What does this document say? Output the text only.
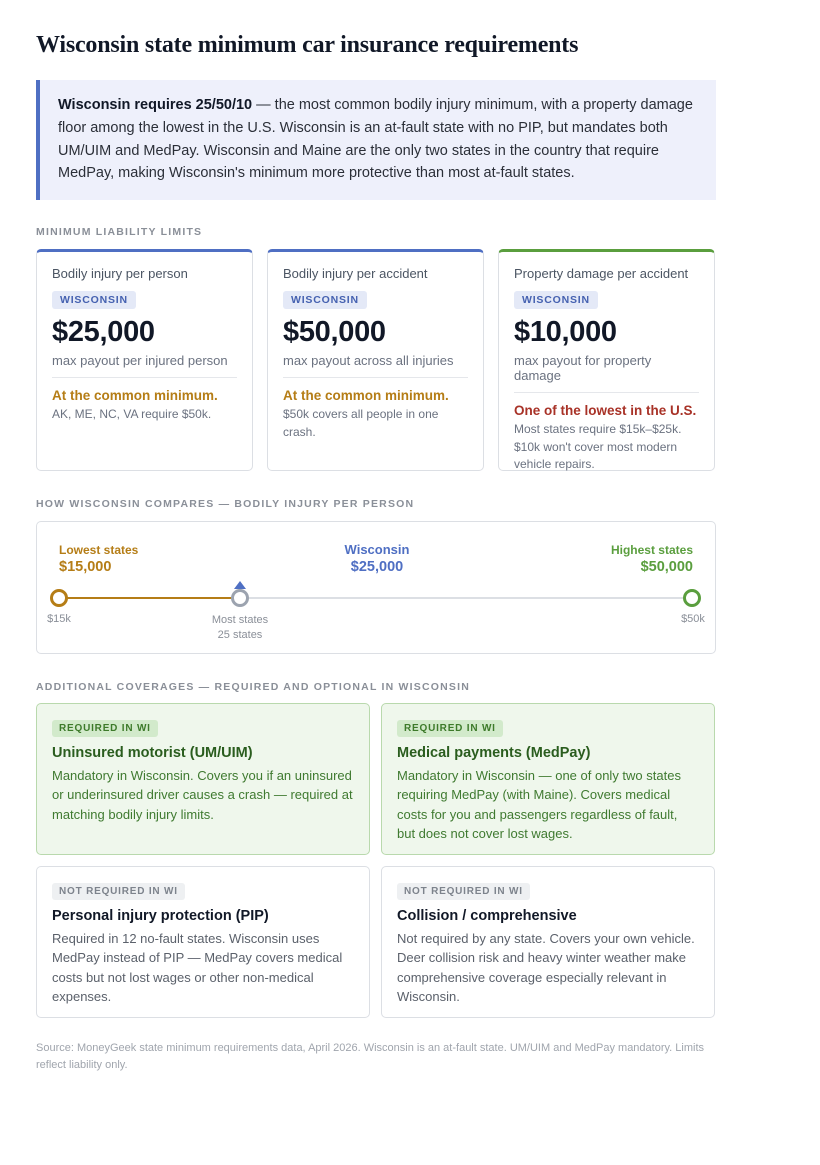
Wisconsin state minimum car insurance requirements
Wisconsin requires 25/50/10 — the most common bodily injury minimum, with a property damage floor among the lowest in the U.S. Wisconsin is an at-fault state with no PIP, but mandates both UM/UIM and MedPay. Wisconsin and Maine are the only two states in the country that require MedPay, making Wisconsin's minimum more protective than most at-fault states.
MINIMUM LIABILITY LIMITS
Bodily injury per person
WISCONSIN
$25,000
max payout per injured person
At the common minimum.
AK, ME, NC, VA require $50k.
Bodily injury per accident
WISCONSIN
$50,000
max payout across all injuries
At the common minimum.
$50k covers all people in one crash.
Property damage per accident
WISCONSIN
$10,000
max payout for property damage
One of the lowest in the U.S.
Most states require $15k–$25k. $10k won't cover most modern vehicle repairs.
HOW WISCONSIN COMPARES — BODILY INJURY PER PERSON
Lowest states
$15,000
Wisconsin
$25,000
Highest states
$50,000
$15k	Most states
25 states
$50k
ADDITIONAL COVERAGES — REQUIRED AND OPTIONAL IN WISCONSIN
REQUIRED IN WI
Uninsured motorist (UM/UIM)
Mandatory in Wisconsin. Covers you if an uninsured or underinsured driver causes a crash — required at matching bodily injury limits.
REQUIRED IN WI
Medical payments (MedPay)
Mandatory in Wisconsin — one of only two states requiring MedPay (with Maine). Covers medical costs for you and passengers regardless of fault, but does not cover lost wages.
NOT REQUIRED IN WI
Personal injury protection (PIP)
Required in 12 no-fault states. Wisconsin uses MedPay instead of PIP — MedPay covers medical costs but not lost wages or other non-medical expenses.
NOT REQUIRED IN WI
Collision / comprehensive
Not required by any state. Covers your own vehicle. Deer collision risk and heavy winter weather make comprehensive coverage especially relevant in Wisconsin.
Source: MoneyGeek state minimum requirements data, April 2026. Wisconsin is an at-fault state. UM/UIM and MedPay mandatory. Limits reflect liability only.
